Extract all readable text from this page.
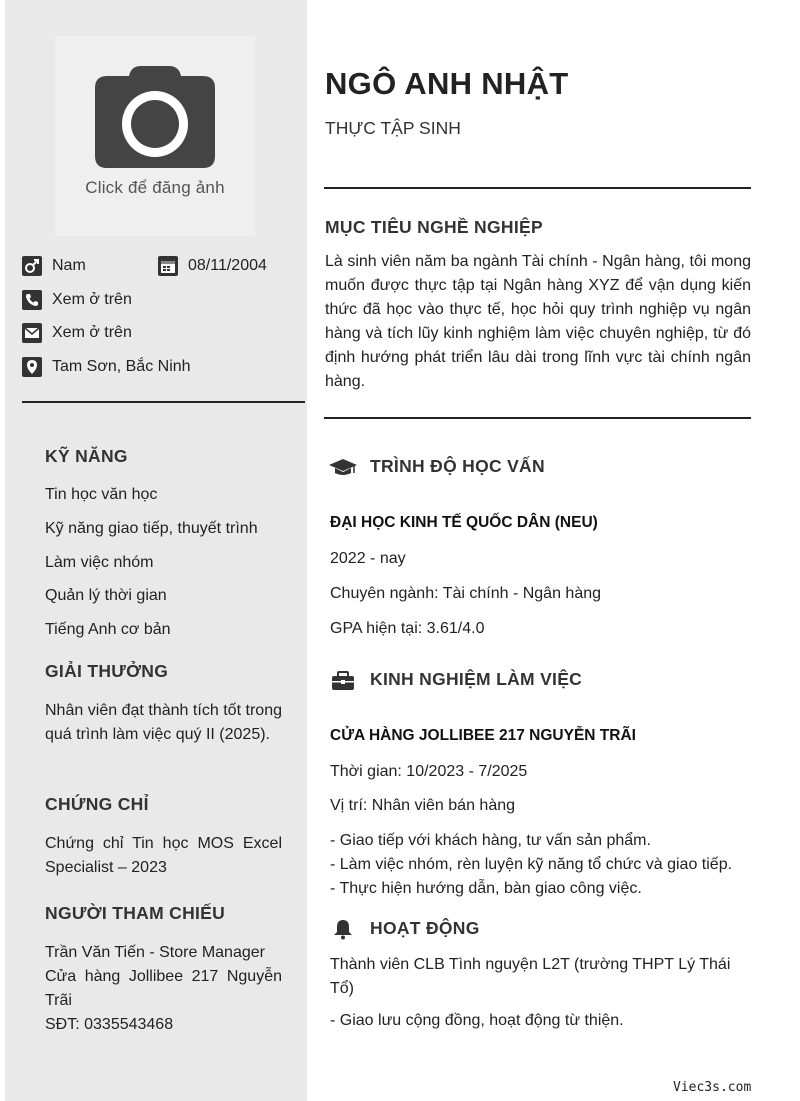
Click để đăng ảnh
Nam	08/11/2004
Xem ở trên
Xem ở trên
Tam Sơn, Bắc Ninh
KỸ NĂNG
Tin học văn học
Kỹ năng giao tiếp, thuyết trình
Làm việc nhóm
Quản lý thời gian
Tiếng Anh cơ bản
GIẢI THƯỞNG
Nhân viên đạt thành tích tốt trong quá trình làm việc quý II (2025).
CHỨNG CHỈ
Chứng chỉ Tin học MOS Excel Specialist – 2023
NGƯỜI THAM CHIẾU
Trần Văn Tiến - Store Manager
Cửa hàng Jollibee 217 Nguyễn Trãi
SĐT: 0335543468
NGÔ ANH NHẬT
THỰC TẬP SINH
MỤC TIÊU NGHỀ NGHIỆP
Là sinh viên năm ba ngành Tài chính - Ngân hàng, tôi mong muốn được thực tập tại Ngân hàng XYZ để vận dụng kiến thức đã học vào thực tế, học hỏi quy trình nghiệp vụ ngân hàng và tích lũy kinh nghiệm làm việc chuyên nghiệp, từ đó định hướng phát triển lâu dài trong lĩnh vực tài chính ngân hàng.
TRÌNH ĐỘ HỌC VẤN
ĐẠI HỌC KINH TẾ QUỐC DÂN (NEU)
2022 - nay
Chuyên ngành: Tài chính - Ngân hàng
GPA hiện tại: 3.61/4.0
KINH NGHIỆM LÀM VIỆC
CỬA HÀNG JOLLIBEE 217 NGUYỄN TRÃI
Thời gian: 10/2023 - 7/2025
Vị trí: Nhân viên bán hàng
- Giao tiếp với khách hàng, tư vấn sản phẩm.
- Làm việc nhóm, rèn luyện kỹ năng tổ chức và giao tiếp.
- Thực hiện hướng dẫn, bàn giao công việc.
HOẠT ĐỘNG
Thành viên CLB Tình nguyện L2T (trường THPT Lý Thái Tổ)
- Giao lưu cộng đồng, hoạt động từ thiện.
Viec3s.com
